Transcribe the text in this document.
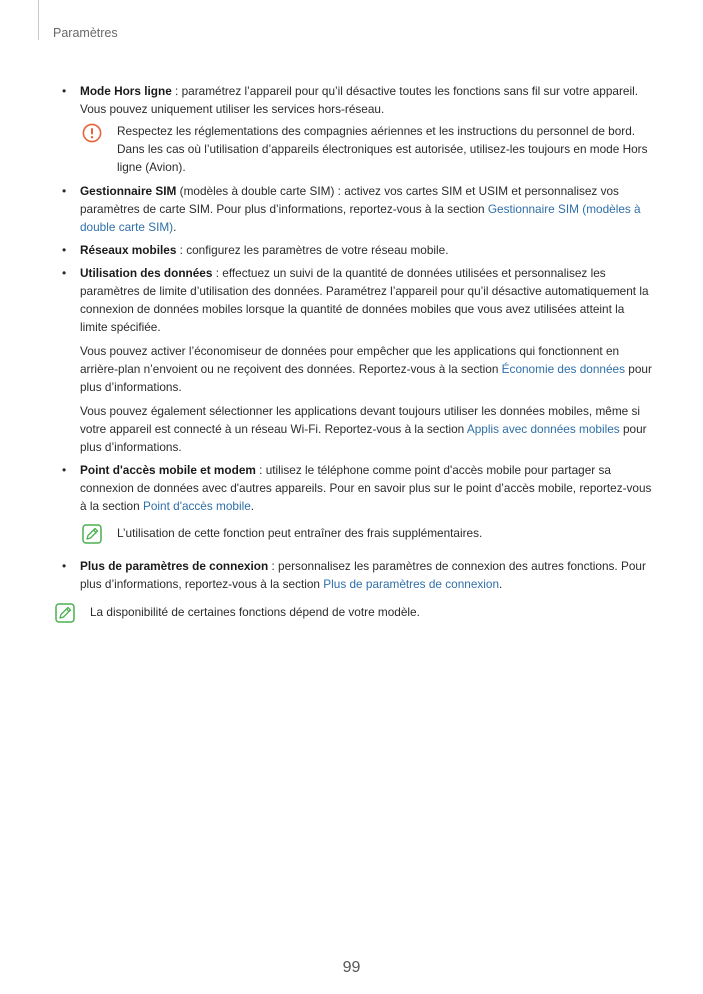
Paramètres

• Mode Hors ligne : paramétrez l’appareil pour qu’il désactive toutes les fonctions sans fil sur votre appareil. Vous pouvez uniquement utiliser les services hors-réseau.

Respectez les réglementations des compagnies aériennes et les instructions du personnel de bord. Dans les cas où l’utilisation d’appareils électroniques est autorisée, utilisez-les toujours en mode Hors ligne (Avion).

• Gestionnaire SIM (modèles à double carte SIM) : activez vos cartes SIM et USIM et personnalisez vos paramètres de carte SIM. Pour plus d’informations, reportez-vous à la section Gestionnaire SIM (modèles à double carte SIM).

• Réseaux mobiles : configurez les paramètres de votre réseau mobile.

• Utilisation des données : effectuez un suivi de la quantité de données utilisées et personnalisez les paramètres de limite d’utilisation des données. Paramétrez l’appareil pour qu’il désactive automatiquement la connexion de données mobiles lorsque la quantité de données mobiles que vous avez utilisées atteint la limite spécifiée.

Vous pouvez activer l’économiseur de données pour empêcher que les applications qui fonctionnent en arrière-plan n’envoient ou ne reçoivent des données. Reportez-vous à la section Économie des données pour plus d’informations.

Vous pouvez également sélectionner les applications devant toujours utiliser les données mobiles, même si votre appareil est connecté à un réseau Wi-Fi. Reportez-vous à la section Applis avec données mobiles pour plus d’informations.

• Point d'accès mobile et modem : utilisez le téléphone comme point d'accès mobile pour partager sa connexion de données avec d'autres appareils. Pour en savoir plus sur le point d’accès mobile, reportez-vous à la section Point d'accès mobile.

L’utilisation de cette fonction peut entraîner des frais supplémentaires.

• Plus de paramètres de connexion : personnalisez les paramètres de connexion des autres fonctions. Pour plus d’informations, reportez-vous à la section Plus de paramètres de connexion.

La disponibilité de certaines fonctions dépend de votre modèle.

99
